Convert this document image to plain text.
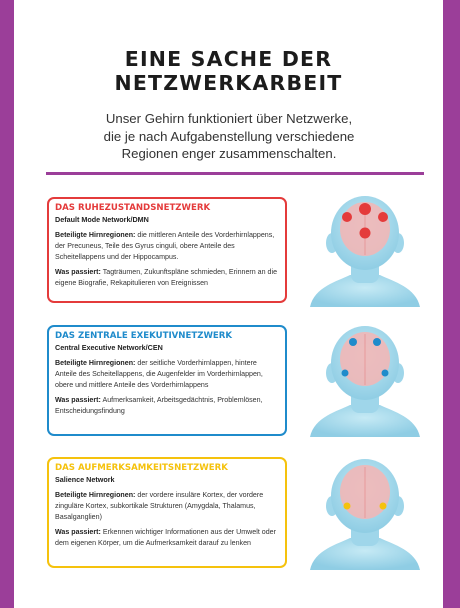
EINE SACHE DER
NETZWERKARBEIT
Unser Gehirn funktioniert über Netzwerke,
die je nach Aufgabenstellung verschiedene
Regionen enger zusammenschalten.
DAS RUHEZUSTANDSNETZWERK
Default Mode Network/DMN
Beteiligte Hirnregionen: die mittleren Anteile des Vorderhirnlappens, der Precuneus, Teile des Gyrus cinguli, obere Anteile des Scheitellappens und der Hippocampus.
Was passiert: Tagträumen, Zukunftspläne schmieden, Erinnern an die eigene Biografie, Rekapitulieren von Ereignissen
DAS ZENTRALE EXEKUTIVNETZWERK
Central Executive Network/CEN
Beteiligte Hirnregionen: der seitliche Vorderhirnlappen, hintere Anteile des Scheitellappens, die Augenfelder im Vorderhirnlappen, obere und mittlere Anteile des Vorderhirnlappens
Was passiert: Aufmerksamkeit, Arbeitsgedächtnis, Problemlösen, Entscheidungsfindung
DAS AUFMERKSAMKEITSNETZWERK
Salience Network
Beteiligte Hirnregionen: der vordere insuläre Kortex, der vordere zinguläre Kortex, subkortikale Strukturen (Amygdala, Thalamus, Basalganglien)
Was passiert: Erkennen wichtiger Informationen aus der Umwelt oder dem eigenen Körper, um die Aufmerksamkeit darauf zu lenken
